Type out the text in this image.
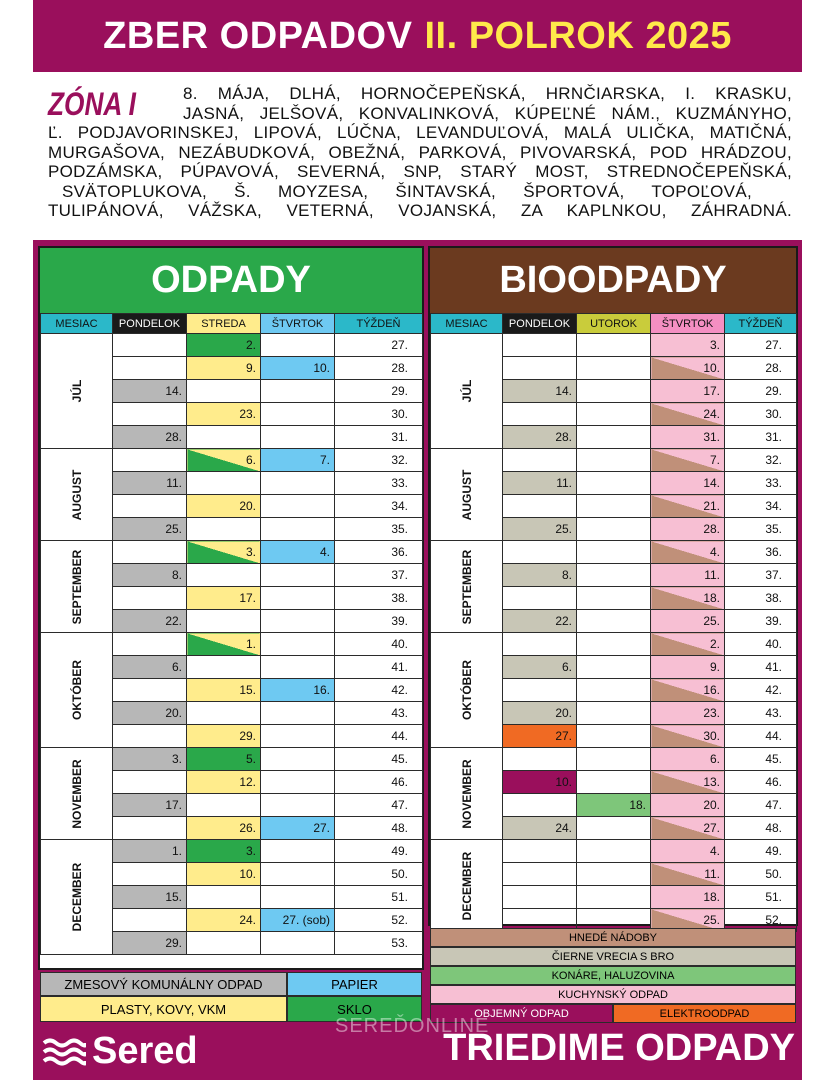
ZBER ODPADOV II. POLROK 2025
ZÓNA I	8. MÁJA, DLHÁ, HORNOČEPEŇSKÁ, HRNČIARSKA, I. KRASKU,
JASNÁ, JELŠOVÁ, KONVALINKOVÁ, KÚPEĽNÉ NÁM., KUZMÁNYHO,
Ľ. PODJAVORINSKEJ, LIPOVÁ, LÚČNA, LEVANDUĽOVÁ, MALÁ ULIČKA, MATIČNÁ,
MURGAŠOVA, NEZÁBUDKOVÁ, OBEŽNÁ, PARKOVÁ, PIVOVARSKÁ, POD HRÁDZOU,
PODZÁMSKA, PÚPAVOVÁ, SEVERNÁ, SNP, STARÝ MOST, STREDNOČEPEŇSKÁ,
SVÄTOPLUKOVA, Š. MOYZESA, ŠINTAVSKÁ, ŠPORTOVÁ, TOPOĽOVÁ,
TULIPÁNOVÁ, VÁŽSKA, VETERNÁ, VOJANSKÁ, ZA KAPLNKOU, ZÁHRADNÁ.
ODPADY
MESIAC	PONDELOK	STREDA	ŠTVRTOK	TÝŽDEŇ

JÚL		2.		27.
		9.	10.	28.
	14.			29.
		23.		30.
	28.			31.

AUGUST		6.	7.	32.
	11.			33.
		20.		34.
	25.			35.

SEPTEMBER		3.	4.	36.
	8.			37.
		17.		38.
	22.			39.

OKTÓBER		1.		40.
	6.			41.
		15.	16.	42.
	20.			43.
		29.		44.

NOVEMBER	3.	5.		45.
		12.		46.
	17.			47.
		26.	27.	48.

DECEMBER	1.	3.		49.
		10.		50.
	15.			51.
		24.	27. (sob)	52.
	29.			53.
BIOODPADY
MESIAC	PONDELOK	UTOROK	ŠTVRTOK	TÝŽDEŇ

JÚL			3.	27.
			10.	28.
	14.		17.	29.
			24.	30.
	28.		31.	31.

AUGUST			7.	32.
	11.		14.	33.
			21.	34.
	25.		28.	35.

SEPTEMBER			4.	36.
	8.		11.	37.
			18.	38.
	22.		25.	39.

OKTÓBER			2.	40.
	6.		9.	41.
			16.	42.
	20.		23.	43.
	27.		30.	44.

NOVEMBER			6.	45.
	10.		13.	46.
		18.	20.	47.
	24.		27.	48.

DECEMBER			4.	49.
			11.	50.
			18.	51.
			25.	52.
ZMESOVÝ KOMUNÁLNY ODPAD	PAPIER
PLASTY, KOVY, VKM	SKLO
HNEDÉ NÁDOBY
ČIERNE VRECIA S BRO
KONÁRE, HALUZOVINA
KUCHYNSKÝ ODPAD
OBJEMNÝ ODPAD	ELEKTROODPAD
Sered
SEREĎONLINE
TRIEDIME ODPADY
